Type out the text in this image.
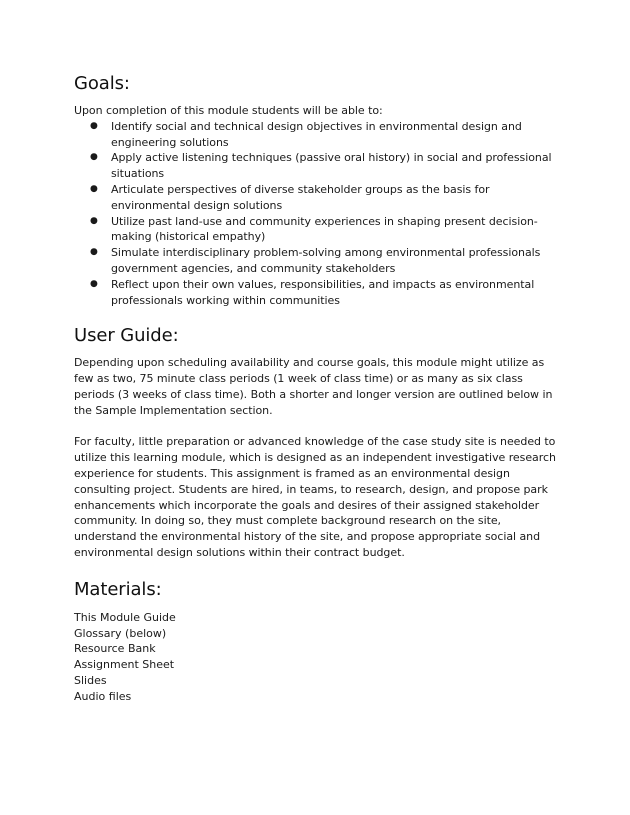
Goals:

Upon completion of this module students will be able to:

● Identify social and technical design objectives in environmental design and engineering solutions
● Apply active listening techniques (passive oral history) in social and professional situations
● Articulate perspectives of diverse stakeholder groups as the basis for environmental design solutions
● Utilize past land-use and community experiences in shaping present decision-making (historical empathy)
● Simulate interdisciplinary problem-solving among environmental professionals government agencies, and community stakeholders
● Reflect upon their own values, responsibilities, and impacts as environmental professionals working within communities
User Guide:

Depending upon scheduling availability and course goals, this module might utilize as few as two, 75 minute class periods (1 week of class time) or as many as six class periods (3 weeks of class time). Both a shorter and longer version are outlined below in the Sample Implementation section.

For faculty, little preparation or advanced knowledge of the case study site is needed to utilize this learning module, which is designed as an independent investigative research experience for students. This assignment is framed as an environmental design consulting project. Students are hired, in teams, to research, design, and propose park enhancements which incorporate the goals and desires of their assigned stakeholder community. In doing so, they must complete background research on the site, understand the environmental history of the site, and propose appropriate social and environmental design solutions within their contract budget.

Materials:
This Module Guide
Glossary (below)
Resource Bank
Assignment Sheet
Slides
Audio files
